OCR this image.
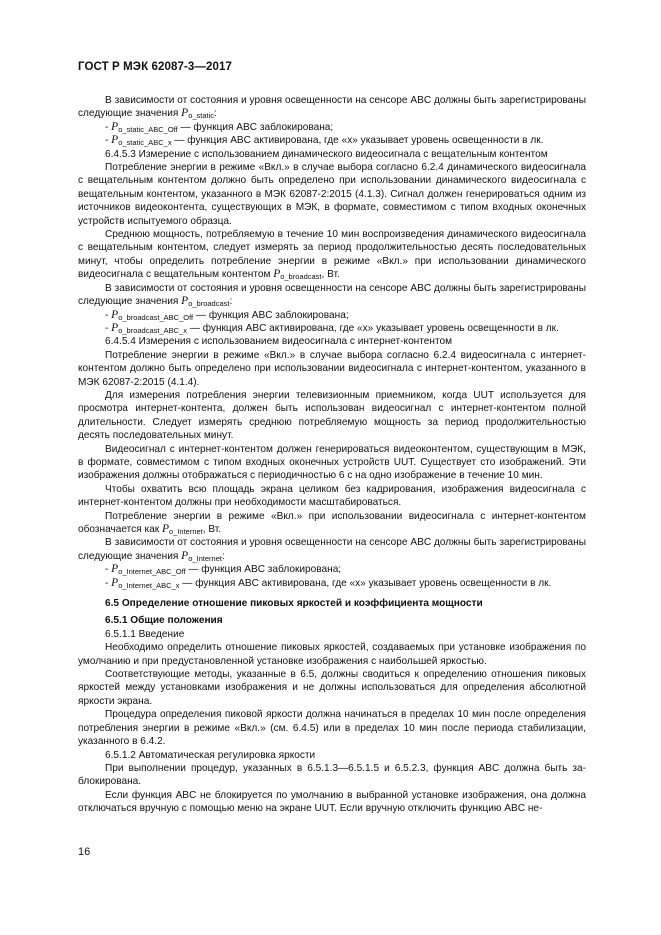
ГОСТ Р МЭК 62087-3—2017

В зависимости от состояния и уровня освещенности на сенсоре ABC должны быть зарегистрированы следующие значения $P_{o\_static}$:

- $P_{o\_static\_ABC\_Off}$ — функция ABC заблокирована;

- $P_{o\_static\_ABC\_x}$ — функция ABC активирована, где «x» указывает уровень освещенности в лк.

6.4.5.3 Измерение с использованием динамического видеосигнала с вещательным контентом

Потребление энергии в режиме «Вкл.» в случае выбора согласно 6.2.4 динамического видеосигнала с вещательным контентом должно быть определено при использовании динамического видеосигнала с вещательным контентом, указанного в МЭК 62087-2:2015 (4.1.3). Сигнал должен генерироваться одним из источников видеоконтента, существующих в МЭК, в формате, совместимом с типом входных оконечных устройств испытуемого образца.

Среднюю мощность, потребляемую в течение 10 мин воспроизведения динамического видеосигнала с вещательным контентом, следует измерять за период продолжительностью десять последовательных минут, чтобы определить потребление энергии в режиме «Вкл.» при использовании динамического видеосигнала с вещательным контентом $P_{o\_broadcast}$, Вт.

В зависимости от состояния и уровня освещенности на сенсоре ABC должны быть зарегистрированы следующие значения $P_{o\_broadcast}$:

- $P_{o\_broadcast\_ABC\_Off}$ — функция ABC заблокирована;

- $P_{o\_broadcast\_ABC\_x}$ — функция ABC активирована, где «x» указывает уровень освещенности в лк.

6.4.5.4 Измерения с использованием видеосигнала с интернет-контентом

Потребление энергии в режиме «Вкл.» в случае выбора согласно 6.2.4 видеосигнала с интернет-контентом должно быть определено при использовании видеосигнала с интернет-контентом, указанного в МЭК 62087-2:2015 (4.1.4).

Для измерения потребления энергии телевизионным приемником, когда UUT используется для просмотра интернет-контента, должен быть использован видеосигнал с интернет-контентом полной длительности. Следует измерять среднюю потребляемую мощность за период продолжительностью десять последовательных минут.

Видеосигнал с интернет-контентом должен генерироваться видеоконтентом, существующим в МЭК, в формате, совместимом с типом входных оконечных устройств UUT. Существует сто изображений. Эти изображения должны отображаться с периодичностью 6 с на одно изображение в течение 10 мин.

Чтобы охватить всю площадь экрана целиком без кадрирования, изображения видеосигнала с интернет-контентом должны при необходимости масштабироваться.

Потребление энергии в режиме «Вкл.» при использовании видеосигнала с интернет-контентом обозначается как $P_{o\_Internet}$, Вт.

В зависимости от состояния и уровня освещенности на сенсоре ABC должны быть зарегистрированы следующие значения $P_{o\_Internet}$:

- $P_{o\_Internet\_ABC\_Off}$ — функция ABC заблокирована;

- $P_{o\_Internet\_ABC\_x}$ — функция ABC активирована, где «x» указывает уровень освещенности в лк.

6.5 Определение отношение пиковых яркостей и коэффициента мощности

6.5.1 Общие положения

6.5.1.1 Введение

Необходимо определить отношение пиковых яркостей, создаваемых при установке изображения по умолчанию и при предустановленной установке изображения с наибольшей яркостью.

Соответствующие методы, указанные в 6.5, должны сводиться к определению отношения пиковых яркостей между установками изображения и не должны использоваться для определения абсолютной яркости экрана.

Процедура определения пиковой яркости должна начинаться в пределах 10 мин после определения потребления энергии в режиме «Вкл.» (см. 6.4.5) или в пределах 10 мин после периода стабилизации, указанного в 6.4.2.

6.5.1.2 Автоматическая регулировка яркости

При выполнении процедур, указанных в 6.5.1.3—6.5.1.5 и 6.5.2.3, функция ABC должна быть заблокирована.

Если функция ABC не блокируется по умолчанию в выбранной установке изображения, она должна отключаться вручную с помощью меню на экране UUT. Если вручную отключить функцию ABC не-

16
